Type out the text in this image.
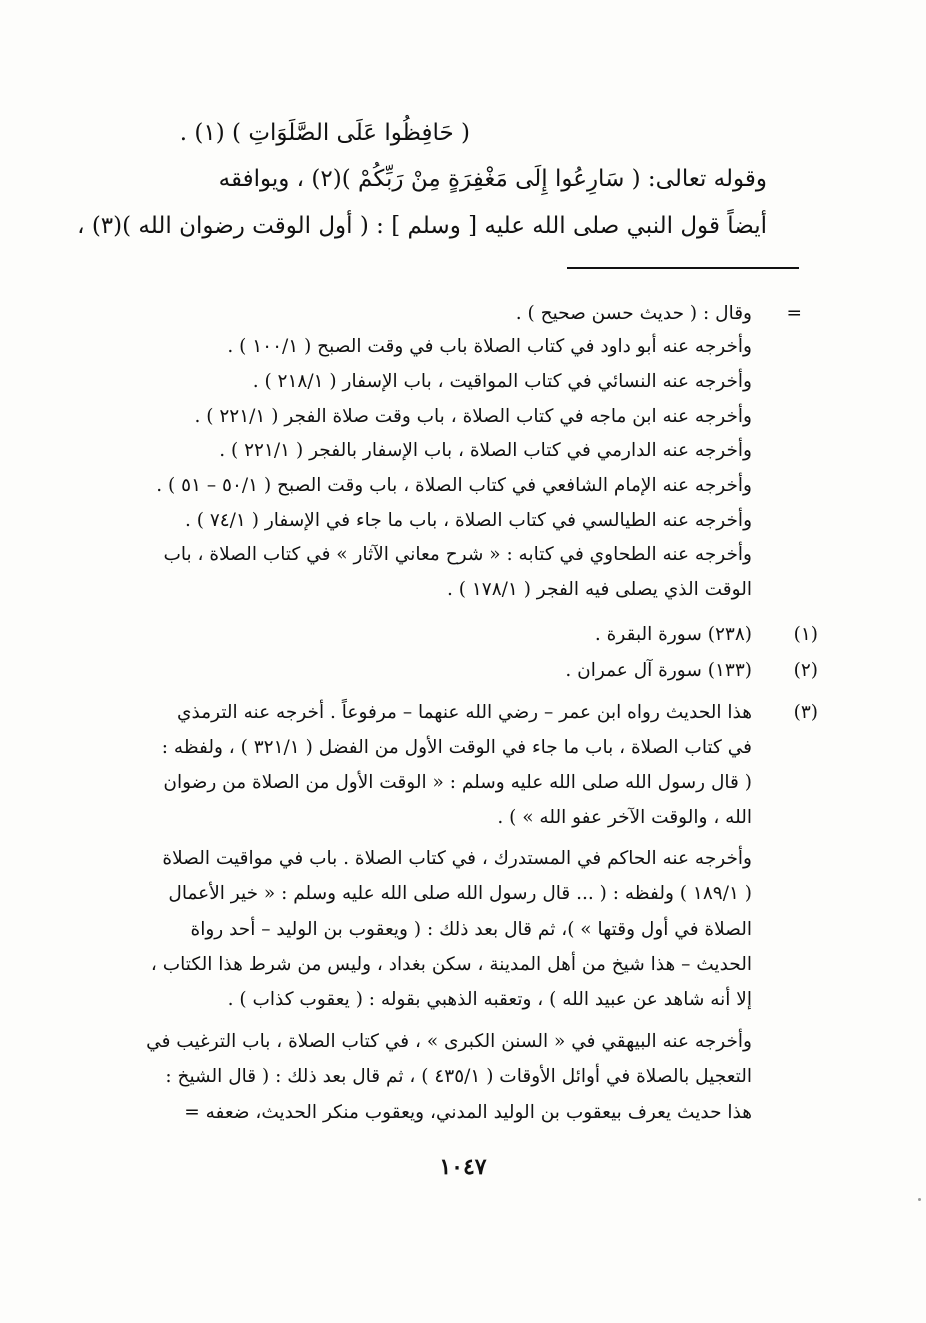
( حَافِظُوا عَلَى الصَّلَوَاتِ ) (١) .
وقوله تعالى: ( سَارِعُوا إِلَى مَغْفِرَةٍ مِنْ رَبِّكُمْ )(٢) ، ويوافقه
أيضاً قول النبي صلى الله عليه [ وسلم ] : ( أول الوقت رضوان الله )(٣) ،
=
وقال : ( حديث حسن صحيح ) .
وأخرجه عنه أبو داود في كتاب الصلاة باب في وقت الصبح ( ١٠٠/١ ) .
وأخرجه عنه النسائي في كتاب المواقيت ، باب الإسفار ( ٢١٨/١ ) .
وأخرجه عنه ابن ماجه في كتاب الصلاة ، باب وقت صلاة الفجر ( ٢٢١/١ ) .
وأخرجه عنه الدارمي في كتاب الصلاة ، باب الإسفار بالفجر ( ٢٢١/١ ) .
وأخرجه عنه الإمام الشافعي في كتاب الصلاة ، باب وقت الصبح ( ٥٠/١ – ٥١ ) .
وأخرجه عنه الطيالسي في كتاب الصلاة ، باب ما جاء في الإسفار ( ٧٤/١ ) .
وأخرجه عنه الطحاوي في كتابه : « شرح معاني الآثار » في كتاب الصلاة ، باب
الوقت الذي يصلى فيه الفجر ( ١٧٨/١ ) .
(١)
(٢٣٨) سورة البقرة .
(٢)
(١٣٣) سورة آل عمران .
(٣)
هذا الحديث رواه ابن عمر – رضي الله عنهما – مرفوعاً . أخرجه عنه الترمذي
في كتاب الصلاة ، باب ما جاء في الوقت الأول من الفضل ( ٣٢١/١ ) ، ولفظه :
( قال رسول الله صلى الله عليه وسلم : « الوقت الأول من الصلاة من رضوان
الله ، والوقت الآخر عفو الله » ) .
وأخرجه عنه الحاكم في المستدرك ، في كتاب الصلاة . باب في مواقيت الصلاة
( ١٨٩/١ ) ولفظه : ( ... قال رسول الله صلى الله عليه وسلم : « خير الأعمال
الصلاة في أول وقتها » )، ثم قال بعد ذلك : ( ويعقوب بن الوليد – أحد رواة
الحديث – هذا شيخ من أهل المدينة ، سكن بغداد ، وليس من شرط هذا الكتاب ،
إلا أنه شاهد عن عبيد الله ) ، وتعقبه الذهبي بقوله : ( يعقوب كذاب ) .
وأخرجه عنه البيهقي في « السنن الكبرى » ، في كتاب الصلاة ، باب الترغيب في
التعجيل بالصلاة في أوائل الأوقات ( ٤٣٥/١ ) ، ثم قال بعد ذلك : ( قال الشيخ :
هذا حديث يعرف بيعقوب بن الوليد المدني، ويعقوب منكر الحديث، ضعفه =
١٠٤٧
